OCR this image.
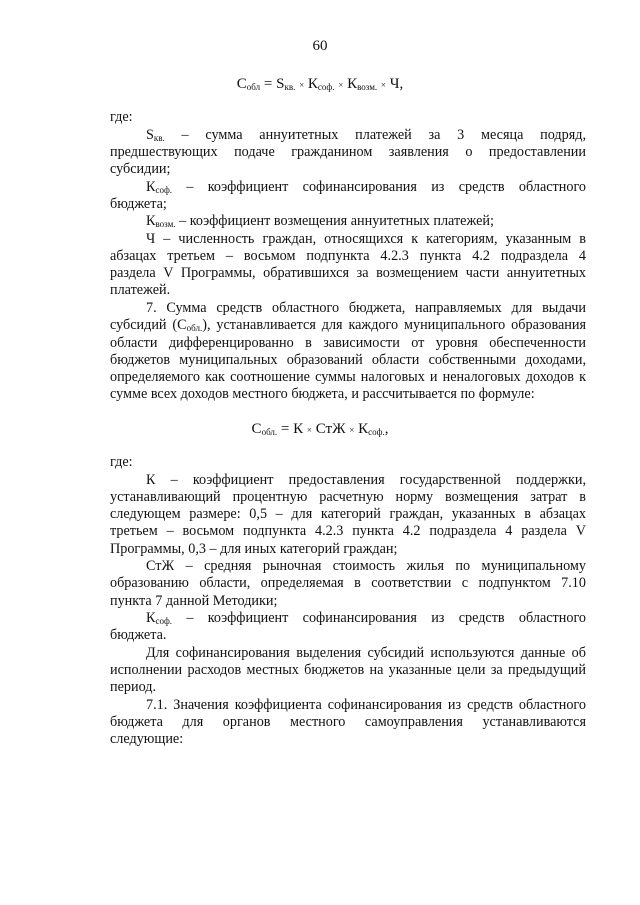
60
$С_{обл} = S_{кв.} \times К_{соф.} \times К_{возм.} \times Ч$,
где:
$S_{кв.}$ – сумма аннуитетных платежей за 3 месяца подряд,
предшествующих подаче гражданином заявления о предоставлении
субсидии;
$К_{соф.}$ – коэффициент софинансирования из средств областного
бюджета;
$К_{возм.}$ – коэффициент возмещения аннуитетных платежей;
Ч – численность граждан, относящихся к категориям, указанным в
абзацах третьем – восьмом подпункта 4.2.3 пункта 4.2 подраздела 4
раздела V Программы, обратившихся за возмещением части аннуитетных
платежей.
7. Сумма средств областного бюджета, направляемых для выдачи
субсидий $(С_{обл.})$, устанавливается для каждого муниципального образования
области дифференцированно в зависимости от уровня обеспеченности
бюджетов муниципальных образований области собственными доходами,
определяемого как соотношение суммы налоговых и неналоговых доходов к
сумме всех доходов местного бюджета, и рассчитывается по формуле:
$С_{обл.} = К$ × СтЖ × $К_{соф.}$,
где:
К – коэффициент предоставления государственной поддержки,
устанавливающий процентную расчетную норму возмещения затрат в
следующем размере: 0,5 – для категорий граждан, указанных в абзацах
третьем – восьмом подпункта 4.2.3 пункта 4.2 подраздела 4 раздела V
Программы, 0,3 – для иных категорий граждан;
СтЖ – средняя рыночная стоимость жилья по муниципальному
образованию области, определяемая в соответствии с подпунктом 7.10
пункта 7 данной Методики;
$К_{соф.}$ – коэффициент софинансирования из средств областного
бюджета.
Для софинансирования выделения субсидий используются данные об
исполнении расходов местных бюджетов на указанные цели за предыдущий
период.
7.1. Значения коэффициента софинансирования из средств областного
бюджета для органов местного самоуправления устанавливаются
следующие:
